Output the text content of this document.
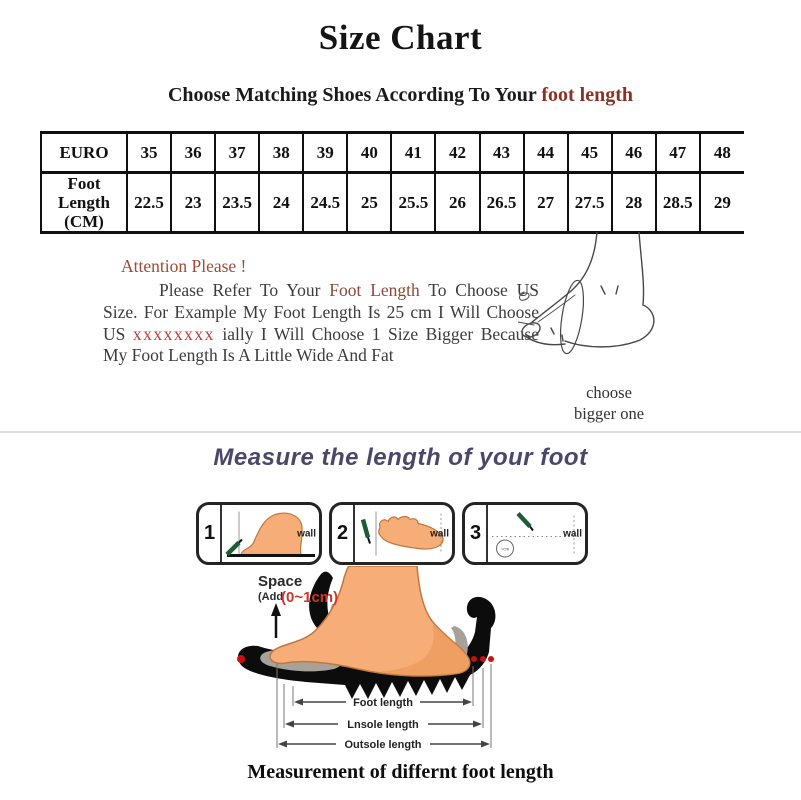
Size Chart
Choose Matching Shoes According To Your foot length
EURO	35	36	37	38	39	40	41	42	43	44	45	46	47	48
Foot Length (CM)	22.5	23	23.5	24	24.5	25	25.5	26	26.5	27	27.5	28	28.5	29

Attention Please !

Please Refer To Your Foot Length To Choose US Size. For Example My Foot Length Is 25 cm I Will Choose US xxxxxxxx ially I Will Choose 1 Size Bigger Because My Foot Length Is A Little Wide And Fat

choose
bigger one
Measure the length of your foot
1	wall 2	wall 3
~cm
wall
Space
(Add
(0~1cm)
Foot length
Lnsole length
Outsole length
Measurement of differnt foot length
